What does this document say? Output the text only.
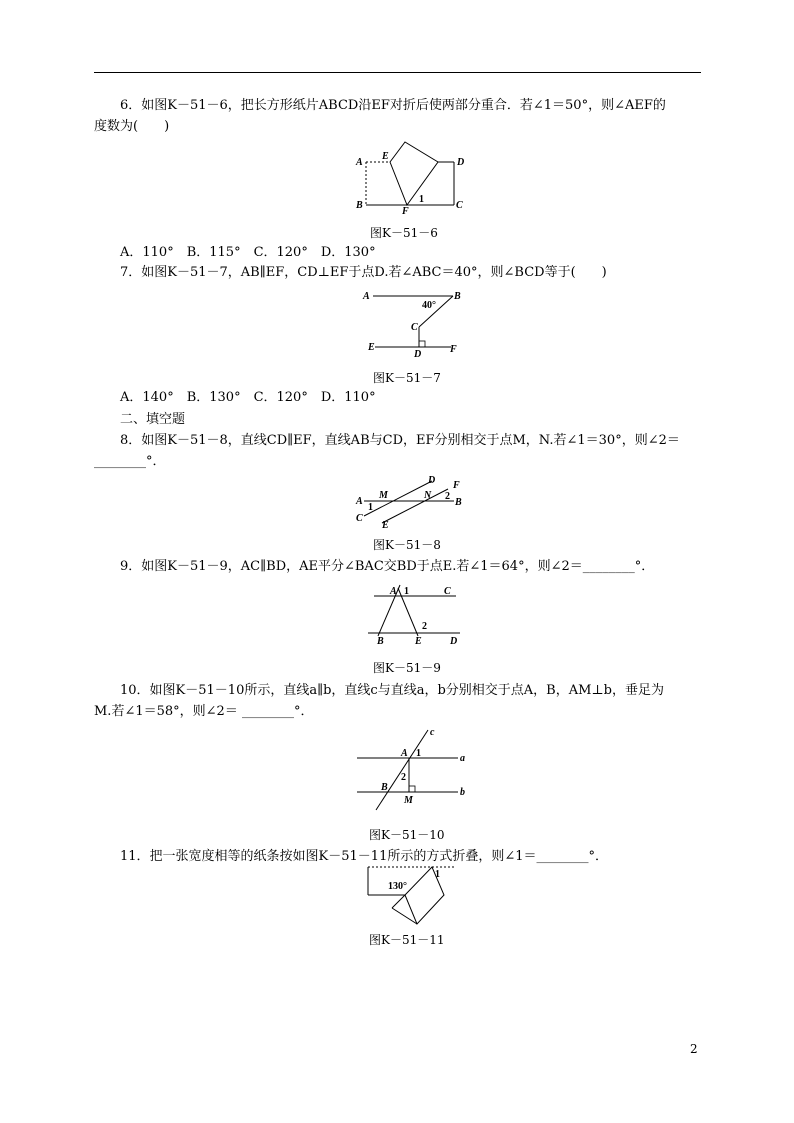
6．如图K－51－6，把长方形纸片ABCD沿EF对折后使两部分重合．若∠1＝50°，则∠AEF的
度数为(　　)
A
E
D
B
F
C
1
图K－51－6
A．110°　B．115°　C．120°　D．130°
7．如图K－51－7，AB∥EF，CD⊥EF于点D.若∠ABC＝40°，则∠BCD等于(　　)
A	B
40°
C
E
D	F
图K－51－7
A．140°　B．130°　C．120°　D．110°
二、填空题
8．如图K－51－8，直线CD∥EF，直线AB与CD，EF分别相交于点M，N.若∠1＝30°，则∠2＝
________°．
A
M	N
D F
2
B
1
C
E
图K－51－8
9．如图K－51－9，AC∥BD，AE平分∠BAC交BD于点E.若∠1＝64°，则∠2＝________°．
A 1	C
2
B	E	D
图K－51－9
10．如图K－51－10所示，直线a∥b，直线c与直线a，b分别相交于点A，B，AM⊥b，垂足为
M.若∠1＝58°，则∠2＝ ________°．
c
A 1	a
2
B
M
b
图K－51－10
11．把一张宽度相等的纸条按如图K－51－11所示的方式折叠，则∠1＝________°．
1
130°
图K－51－11
2
